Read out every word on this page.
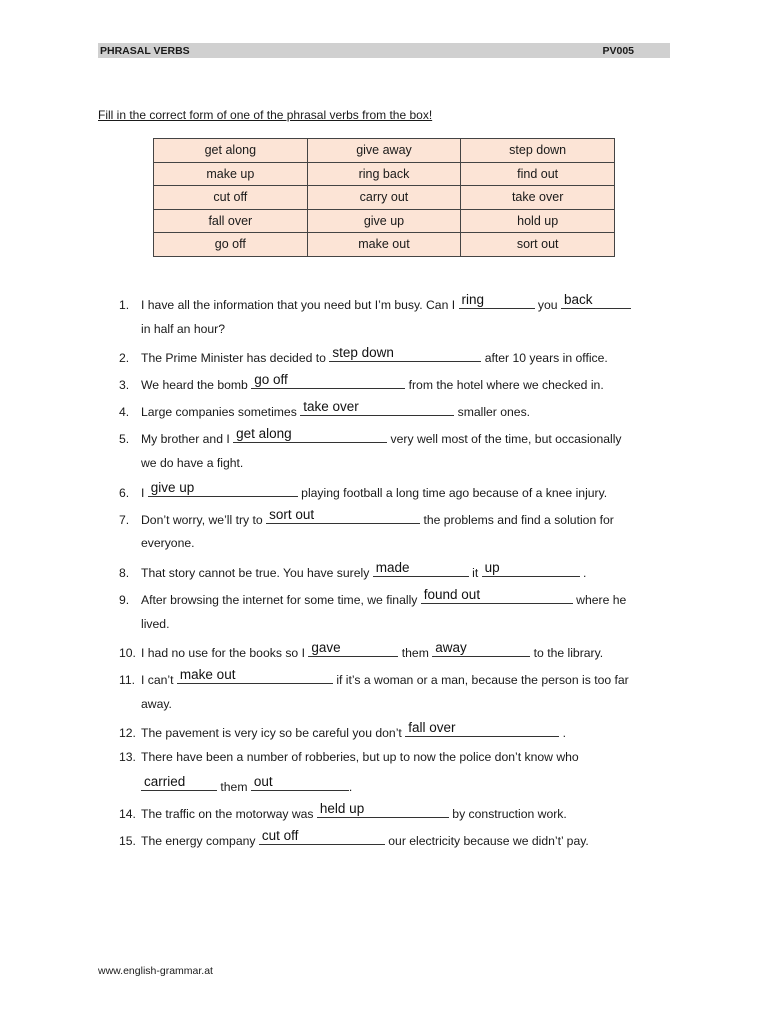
PHRASAL VERBS	PV005
Fill in the correct form of one of the phrasal verbs from the box!
get along	give away	step down
make up	ring back	find out
cut off	carry out	take over
fall over	give up	hold up
go off	make out	sort out
1. I have all the information that you need but I’m busy. Can I ring	you back
in half an hour?
2. The Prime Minister has decided to step down	after 10 years in office.
3. We heard the bomb go off	from the hotel where we checked in.
4. Large companies sometimes take over	smaller ones.
5. My brother and I get along	very well most of the time, but occasionally
we do have a fight.
6. I give up	playing football a long time ago because of a knee injury.
7. Don’t worry, we’ll try to sort out	the problems and find a solution for
everyone.
8. That story cannot be true. You have surely made	it up	.
9. After browsing the internet for some time, we finally found out	where he
lived.
10. I had no use for the books so I gave	them away	to the library.
11. I can’t make out	if it’s a woman or a man, because the person is too far
away.
12. The pavement is very icy so be careful you don’t fall over	.
13. There have been a number of robberies, but up to now the police don’t know who
carried	them out	.
14. The traffic on the motorway was held up	by construction work.
15. The energy company cut off	our electricity because we didn’t’ pay.
www.english-grammar.at
